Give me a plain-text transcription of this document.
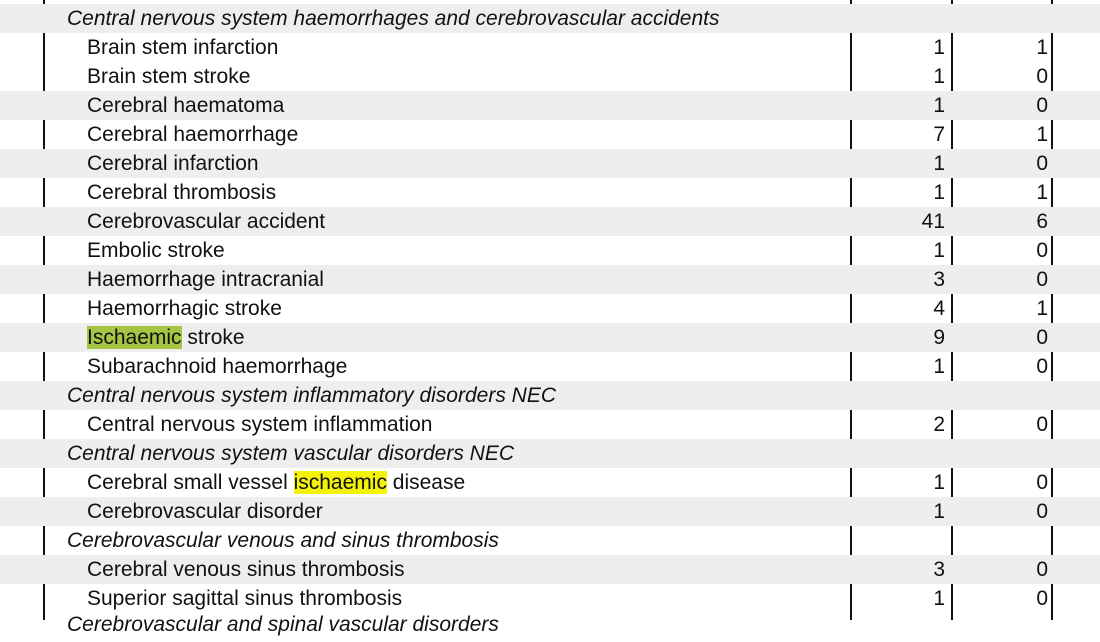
Central nervous system haemorrhages and cerebrovascular accidents
Brain stem infarction	1	1
Brain stem stroke	1	0
Cerebral haematoma	1	0
Cerebral haemorrhage	7	1
Cerebral infarction	1	0
Cerebral thrombosis	1	1
Cerebrovascular accident	41	6
Embolic stroke	1	0
Haemorrhage intracranial	3	0
Haemorrhagic stroke	4	1
Ischaemic stroke	9	0
Subarachnoid haemorrhage	1	0
Central nervous system inflammatory disorders NEC
Central nervous system inflammation	2	0
Central nervous system vascular disorders NEC
Cerebral small vessel ischaemic disease	1	0
Cerebrovascular disorder	1	0
Cerebrovascular venous and sinus thrombosis
Cerebral venous sinus thrombosis	3	0
Superior sagittal sinus thrombosis	1	0
Cerebrovascular and spinal vascular disorders
